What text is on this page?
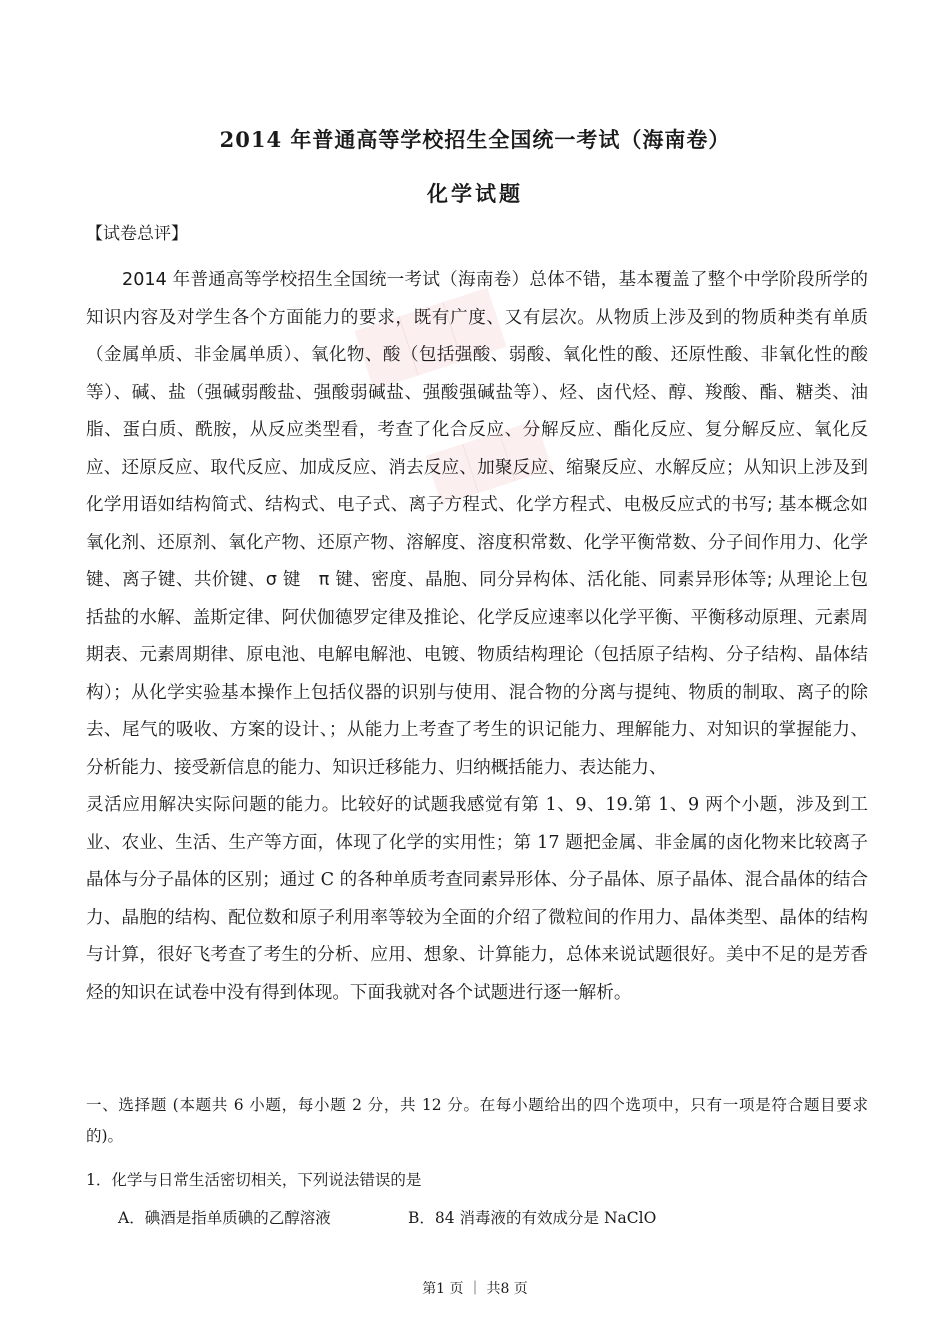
▇▇▇
▇▇▇
2014 年普通高等学校招生全国统一考试（海南卷）
化学试题
【试卷总评】

2014 年普通高等学校招生全国统一考试（海南卷）总体不错，基本覆盖了整个中学阶段所学的知识内容及对学生各个方面能力的要求，既有广度、又有层次。从物质上涉及到的物质种类有单质（金属单质、非金属单质）、氧化物、酸（包括强酸、弱酸、氧化性的酸、还原性酸、非氧化性的酸等）、碱、盐（强碱弱酸盐、强酸弱碱盐、强酸强碱盐等）、烃、卤代烃、醇、羧酸、酯、糖类、油脂、蛋白质、酰胺，从反应类型看，考查了化合反应、分解反应、酯化反应、复分解反应、氧化反应、还原反应、取代反应、加成反应、消去反应、加聚反应、缩聚反应、水解反应；从知识上涉及到化学用语如结构简式、结构式、电子式、离子方程式、化学方程式、电极反应式的书写; 基本概念如氧化剂、还原剂、氧化产物、还原产物、溶解度、溶度积常数、化学平衡常数、分子间作用力、化学键、离子键、共价键、σ 键　π 键、密度、晶胞、同分异构体、活化能、同素异形体等; 从理论上包括盐的水解、盖斯定律、阿伏伽德罗定律及推论、化学反应速率以化学平衡、平衡移动原理、元素周期表、元素周期律、原电池、电解电解池、电镀、物质结构理论（包括原子结构、分子结构、晶体结构）；从化学实验基本操作上包括仪器的识别与使用、混合物的分离与提纯、物质的制取、离子的除去、尾气的吸收、方案的设计、；从能力上考查了考生的识记能力、理解能力、对知识的掌握能力、分析能力、接受新信息的能力、知识迁移能力、归纳概括能力、表达能力、

灵活应用解决实际问题的能力。比较好的试题我感觉有第 1、9、19.第 1、9 两个小题，涉及到工业、农业、生活、生产等方面，体现了化学的实用性；第 17 题把金属、非金属的卤化物来比较离子晶体与分子晶体的区别；通过 C 的各种单质考查同素异形体、分子晶体、原子晶体、混合晶体的结合力、晶胞的结构、配位数和原子利用率等较为全面的介绍了微粒间的作用力、晶体类型、晶体的结构与计算，很好飞考查了考生的分析、应用、想象、计算能力，总体来说试题很好。美中不足的是芳香烃的知识在试卷中没有得到体现。下面我就对各个试题进行逐一解析。

一、选择题 (本题共 6 小题，每小题 2 分，共 12 分。在每小题给出的四个选项中，只有一项是符合题目要求的)。
1．化学与日常生活密切相关，下列说法错误的是
A．碘酒是指单质碘的乙醇溶液	B．84 消毒液的有效成分是 NaClO
第1 页 ｜ 共8 页
